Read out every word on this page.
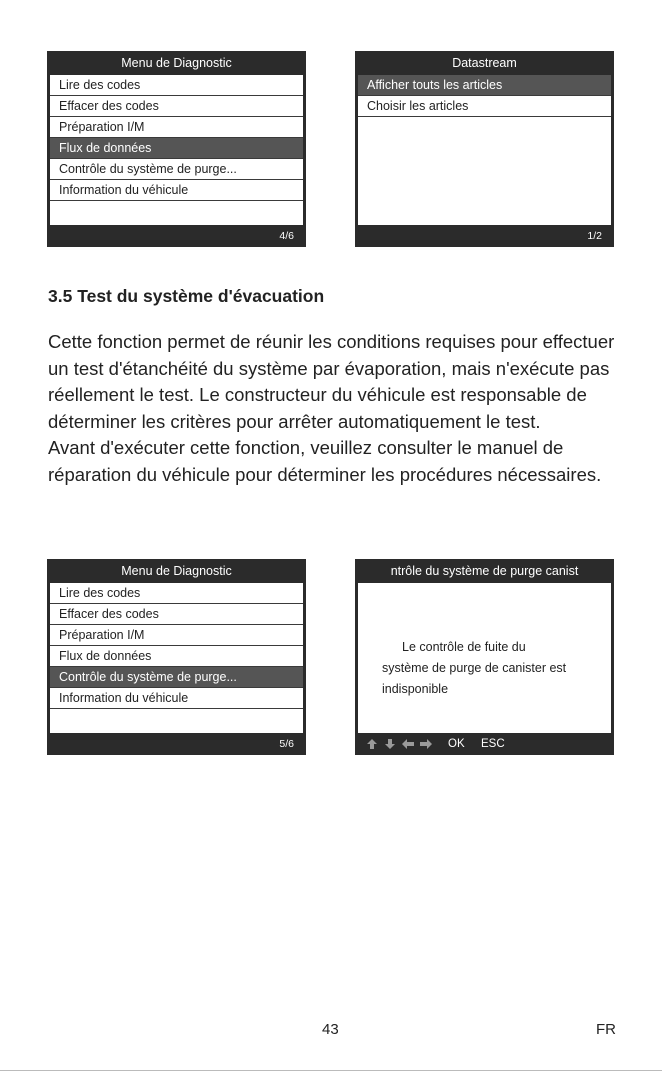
Menu de Diagnostic
Lire des codes
Effacer des codes
Préparation I/M
Flux de données
Contrôle du système de purge...
Information du véhicule
4/6
Datastream
Afficher touts les articles
Choisir les articles
1/2
3.5 Test du système d'évacuation

Cette fonction permet de réunir les conditions requises pour effectuer un test d'étanchéité du système par évaporation, mais n'exécute pas réellement le test. Le constructeur du véhicule est responsable de déterminer les critères pour arrêter automatiquement le test.

Avant d'exécuter cette fonction, veuillez consulter le manuel de réparation du véhicule pour déterminer les procédures nécessaires.

Menu de Diagnostic
Lire des codes
Effacer des codes
Préparation I/M
Flux de données
Contrôle du système de purge...
Information du véhicule
5/6
ntrôle du système de purge canist
Le contrôle de fuite du
système de purge de canister est
indisponible
OK ESC
43	FR
